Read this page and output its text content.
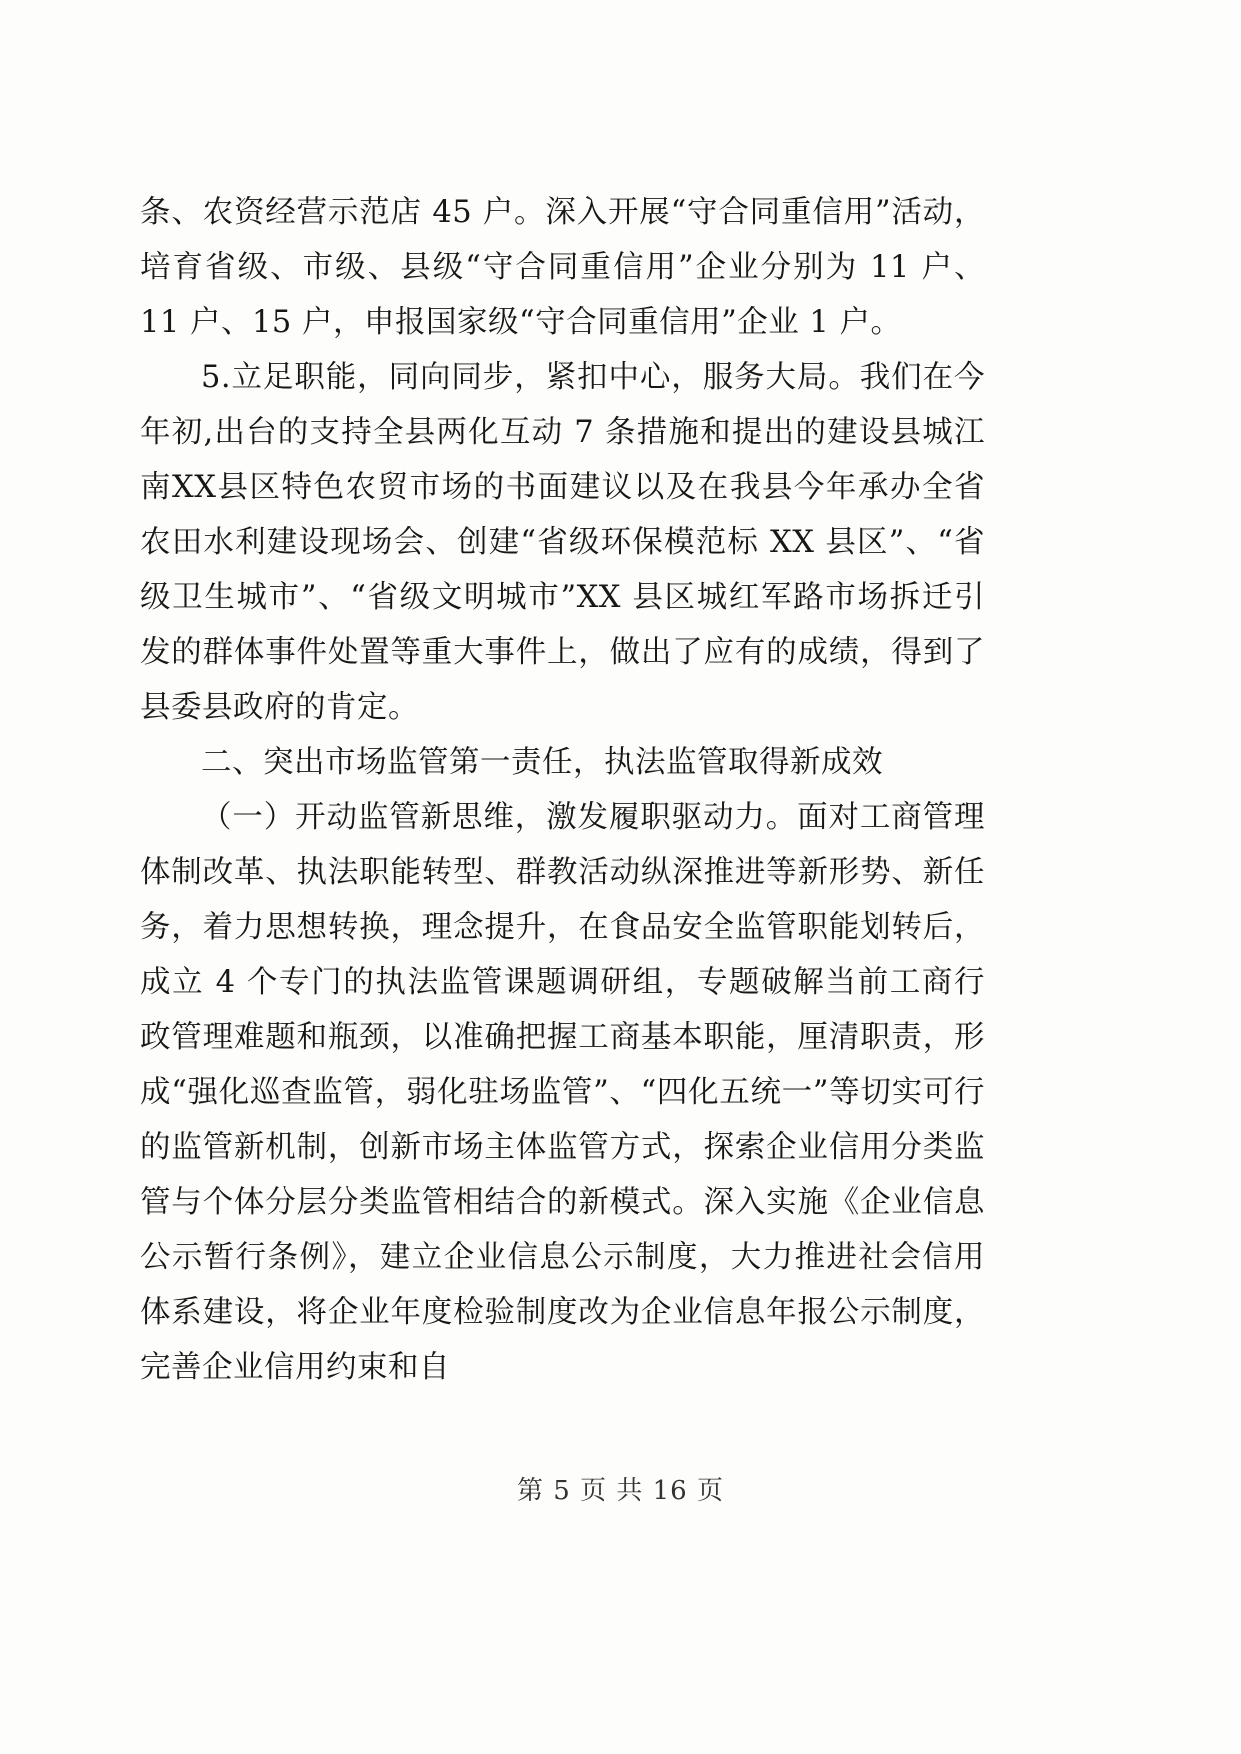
条、农资经营示范店 45 户。深入开展“守合同重信用”活动，培育省级、市级、县级“守合同重信用”企业分别为 11 户、11 户、15 户，申报国家级“守合同重信用”企业 1 户。

5.立足职能，同向同步，紧扣中心，服务大局。我们在今年初,出台的支持全县两化互动 7 条措施和提出的建设县城江南XX县区特色农贸市场的书面建议以及在我县今年承办全省农田水利建设现场会、创建“省级环保模范标 XX 县区”、“省级卫生城市”、“省级文明城市”XX 县区城红军路市场拆迁引发的群体事件处置等重大事件上，做出了应有的成绩，得到了县委县政府的肯定。

二、突出市场监管第一责任，执法监管取得新成效

（一）开动监管新思维，激发履职驱动力。面对工商管理体制改革、执法职能转型、群教活动纵深推进等新形势、新任务，着力思想转换，理念提升，在食品安全监管职能划转后，成立 4 个专门的执法监管课题调研组，专题破解当前工商行政管理难题和瓶颈，以准确把握工商基本职能，厘清职责，形成“强化巡查监管，弱化驻场监管”、“四化五统一”等切实可行的监管新机制，创新市场主体监管方式，探索企业信用分类监管与个体分层分类监管相结合的新模式。深入实施《企业信息公示暂行条例》，建立企业信息公示制度，大力推进社会信用体系建设，将企业年度检验制度改为企业信息年报公示制度，完善企业信用约束和自

第 5 页 共 16 页
